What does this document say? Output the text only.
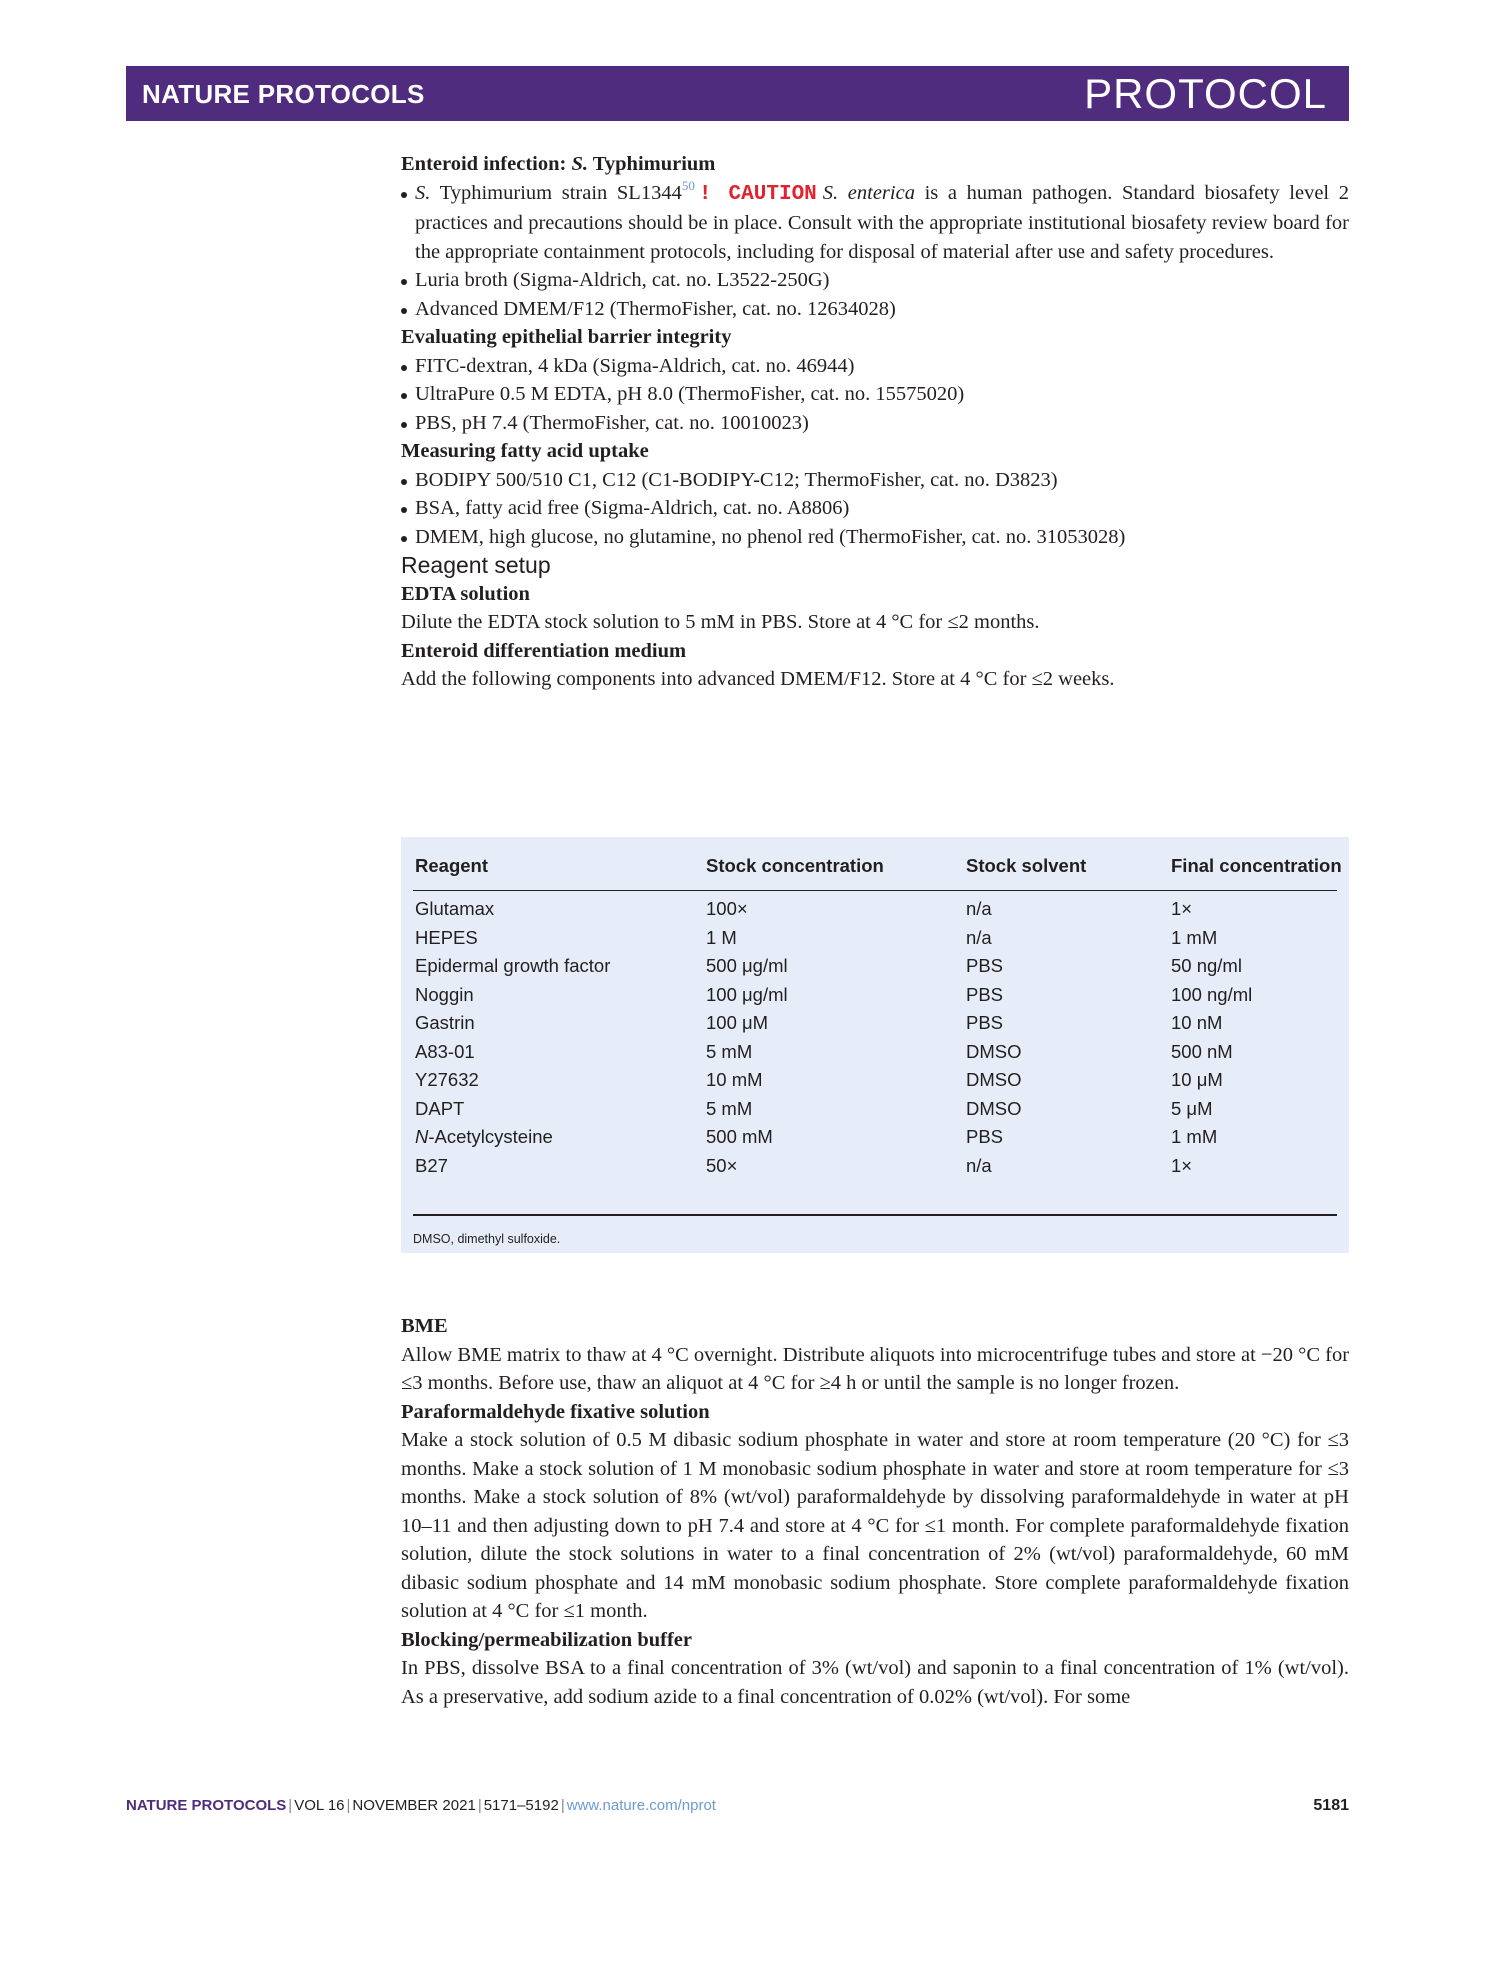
NATURE PROTOCOLS	PROTOCOL

Enteroid infection: S. Typhimurium

S. Typhimurium strain SL1344$^{50}$ ! CAUTION S. enterica is a human pathogen. Standard biosafety level 2 practices and precautions should be in place. Consult with the appropriate institutional biosafety review board for the appropriate containment protocols, including for disposal of material after use and safety procedures.
Luria broth (Sigma-Aldrich, cat. no. L3522-250G)
Advanced DMEM/F12 (ThermoFisher, cat. no. 12634028)

Evaluating epithelial barrier integrity

FITC-dextran, 4 kDa (Sigma-Aldrich, cat. no. 46944)
UltraPure 0.5 M EDTA, pH 8.0 (ThermoFisher, cat. no. 15575020)
PBS, pH 7.4 (ThermoFisher, cat. no. 10010023)

Measuring fatty acid uptake

BODIPY 500/510 C1, C12 (C1-BODIPY-C12; ThermoFisher, cat. no. D3823)
BSA, fatty acid free (Sigma-Aldrich, cat. no. A8806)
DMEM, high glucose, no glutamine, no phenol red (ThermoFisher, cat. no. 31053028)

Reagent setup

EDTA solution

Dilute the EDTA stock solution to 5 mM in PBS. Store at 4 °C for ≤2 months.

Enteroid differentiation medium

Add the following components into advanced DMEM/F12. Store at 4 °C for ≤2 weeks.

Reagent	Stock concentration	Stock solvent	Final concentration
Glutamax	100×	n/a	1×
HEPES	1 M	n/a	1 mM
Epidermal growth factor	500 μg/ml	PBS	50 ng/ml
Noggin	100 μg/ml	PBS	100 ng/ml
Gastrin	100 μM	PBS	10 nM
A83-01	5 mM	DMSO	500 nM
Y27632	10 mM	DMSO	10 μM
DAPT	5 mM	DMSO	5 μM
N-Acetylcysteine	500 mM	PBS	1 mM
B27	50×	n/a	1×
DMSO, dimethyl sulfoxide.

BME

Allow BME matrix to thaw at 4 °C overnight. Distribute aliquots into microcentrifuge tubes and store at −20 °C for ≤3 months. Before use, thaw an aliquot at 4 °C for ≥4 h or until the sample is no longer frozen.

Paraformaldehyde fixative solution

Make a stock solution of 0.5 M dibasic sodium phosphate in water and store at room temperature (20 °C) for ≤3 months. Make a stock solution of 1 M monobasic sodium phosphate in water and store at room temperature for ≤3 months. Make a stock solution of 8% (wt/vol) paraformaldehyde by dissolving paraformaldehyde in water at pH 10–11 and then adjusting down to pH 7.4 and store at 4 °C for ≤1 month. For complete paraformaldehyde fixation solution, dilute the stock solutions in water to a final concentration of 2% (wt/vol) paraformaldehyde, 60 mM dibasic sodium phosphate and 14 mM monobasic sodium phosphate. Store complete paraformaldehyde fixation solution at 4 °C for ≤1 month.

Blocking/permeabilization buffer

In PBS, dissolve BSA to a final concentration of 3% (wt/vol) and saponin to a final concentration of 1% (wt/vol). As a preservative, add sodium azide to a final concentration of 0.02% (wt/vol). For some

NATURE PROTOCOLS | VOL 16 | NOVEMBER 2021 | 5171–5192 | www.nature.com/nprot	5181
